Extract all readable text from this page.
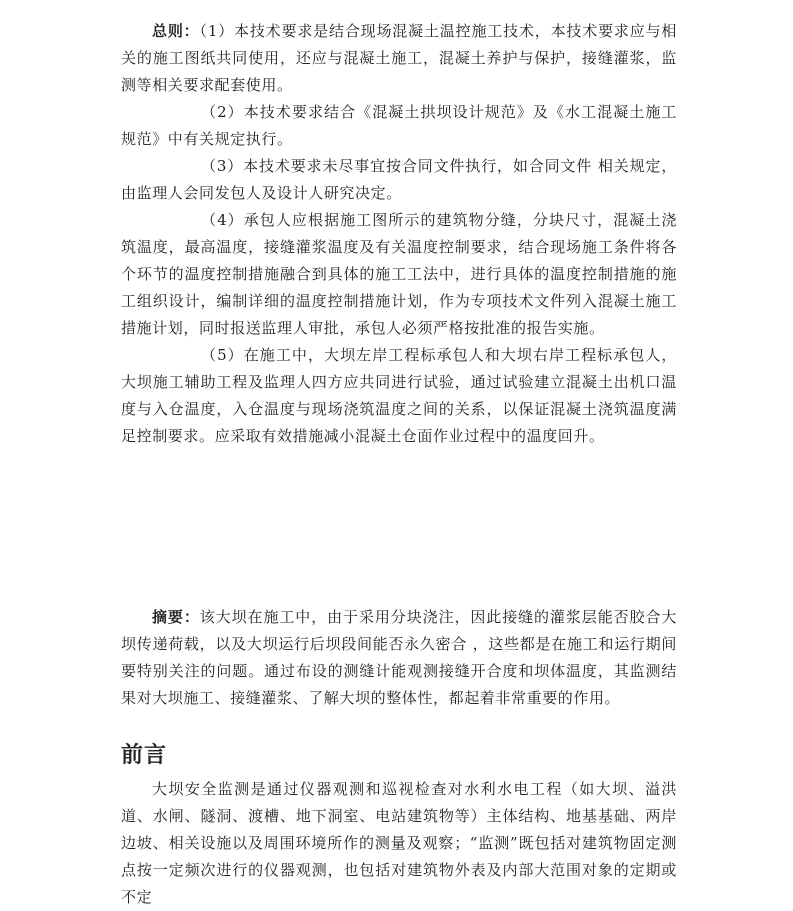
总则：（1）本技术要求是结合现场混凝土温控施工技术，本技术要求应与相关的施工图纸共同使用，还应与混凝土施工，混凝土养护与保护，接缝灌浆，监测等相关要求配套使用。

（2）本技术要求结合《混凝土拱坝设计规范》及《水工混凝土施工规范》中有关规定执行。

（3）本技术要求未尽事宜按合同文件执行，如合同文件 相关规定，由监理人会同发包人及设计人研究决定。

（4）承包人应根据施工图所示的建筑物分缝，分块尺寸，混凝土浇筑温度，最高温度，接缝灌浆温度及有关温度控制要求，结合现场施工条件将各个环节的温度控制措施融合到具体的施工工法中，进行具体的温度控制措施的施工组织设计，编制详细的温度控制措施计划，作为专项技术文件列入混凝土施工措施计划，同时报送监理人审批，承包人必须严格按批准的报告实施。

（5）在施工中，大坝左岸工程标承包人和大坝右岸工程标承包人，大坝施工辅助工程及监理人四方应共同进行试验，通过试验建立混凝土出机口温度与入仓温度，入仓温度与现场浇筑温度之间的关系，以保证混凝土浇筑温度满足控制要求。应采取有效措施减小混凝土仓面作业过程中的温度回升。

摘要：该大坝在施工中，由于采用分块浇注，因此接缝的灌浆层能否胶合大坝传递荷载，以及大坝运行后坝段间能否永久密合 ，这些都是在施工和运行期间要特别关注的问题。通过布设的测缝计能观测接缝开合度和坝体温度，其监测结果对大坝施工、接缝灌浆、了解大坝的整体性，都起着非常重要的作用。

前言

大坝安全监测是通过仪器观测和巡视检查对水利水电工程（如大坝、溢洪道、水闸、隧洞、渡槽、地下洞室、电站建筑物等）主体结构、地基基础、两岸边坡、相关设施以及周围环境所作的测量及观察；“监测”既包括对建筑物固定测点按一定频次进行的仪器观测，也包括对建筑物外表及内部大范围对象的定期或不定
